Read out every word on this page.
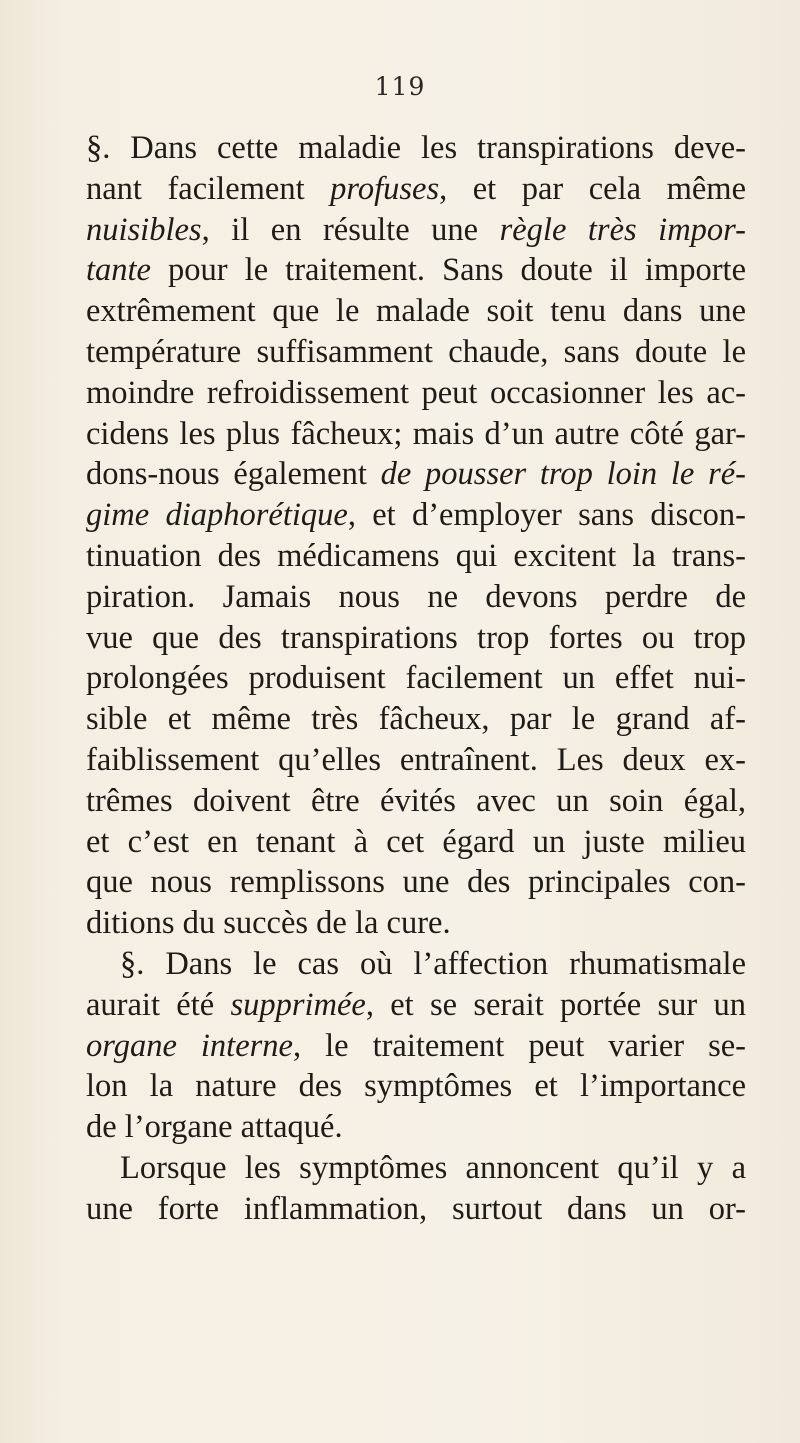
119
§. Dans cette maladie les transpirations deve-
nant facilement profuses, et par cela même
nuisibles, il en résulte une règle très impor-
tante pour le traitement. Sans doute il importe
extrêmement que le malade soit tenu dans une
température suffisamment chaude, sans doute le
moindre refroidissement peut occasionner les ac-
cidens les plus fâcheux; mais d’un autre côté gar-
dons-nous également de pousser trop loin le ré-
gime diaphorétique, et d’employer sans discon-
tinuation des médicamens qui excitent la trans-
piration. Jamais nous ne devons perdre de
vue que des transpirations trop fortes ou trop
prolongées produisent facilement un effet nui-
sible et même très fâcheux, par le grand af-
faiblissement qu’elles entraînent. Les deux ex-
trêmes doivent être évités avec un soin égal,
et c’est en tenant à cet égard un juste milieu
que nous remplissons une des principales con-
ditions du succès de la cure.
§. Dans le cas où l’affection rhumatismale
aurait été supprimée, et se serait portée sur un
organe interne, le traitement peut varier se-
lon la nature des symptômes et l’importance
de l’organe attaqué.
Lorsque les symptômes annoncent qu’il y a
une forte inflammation, surtout dans un or-
